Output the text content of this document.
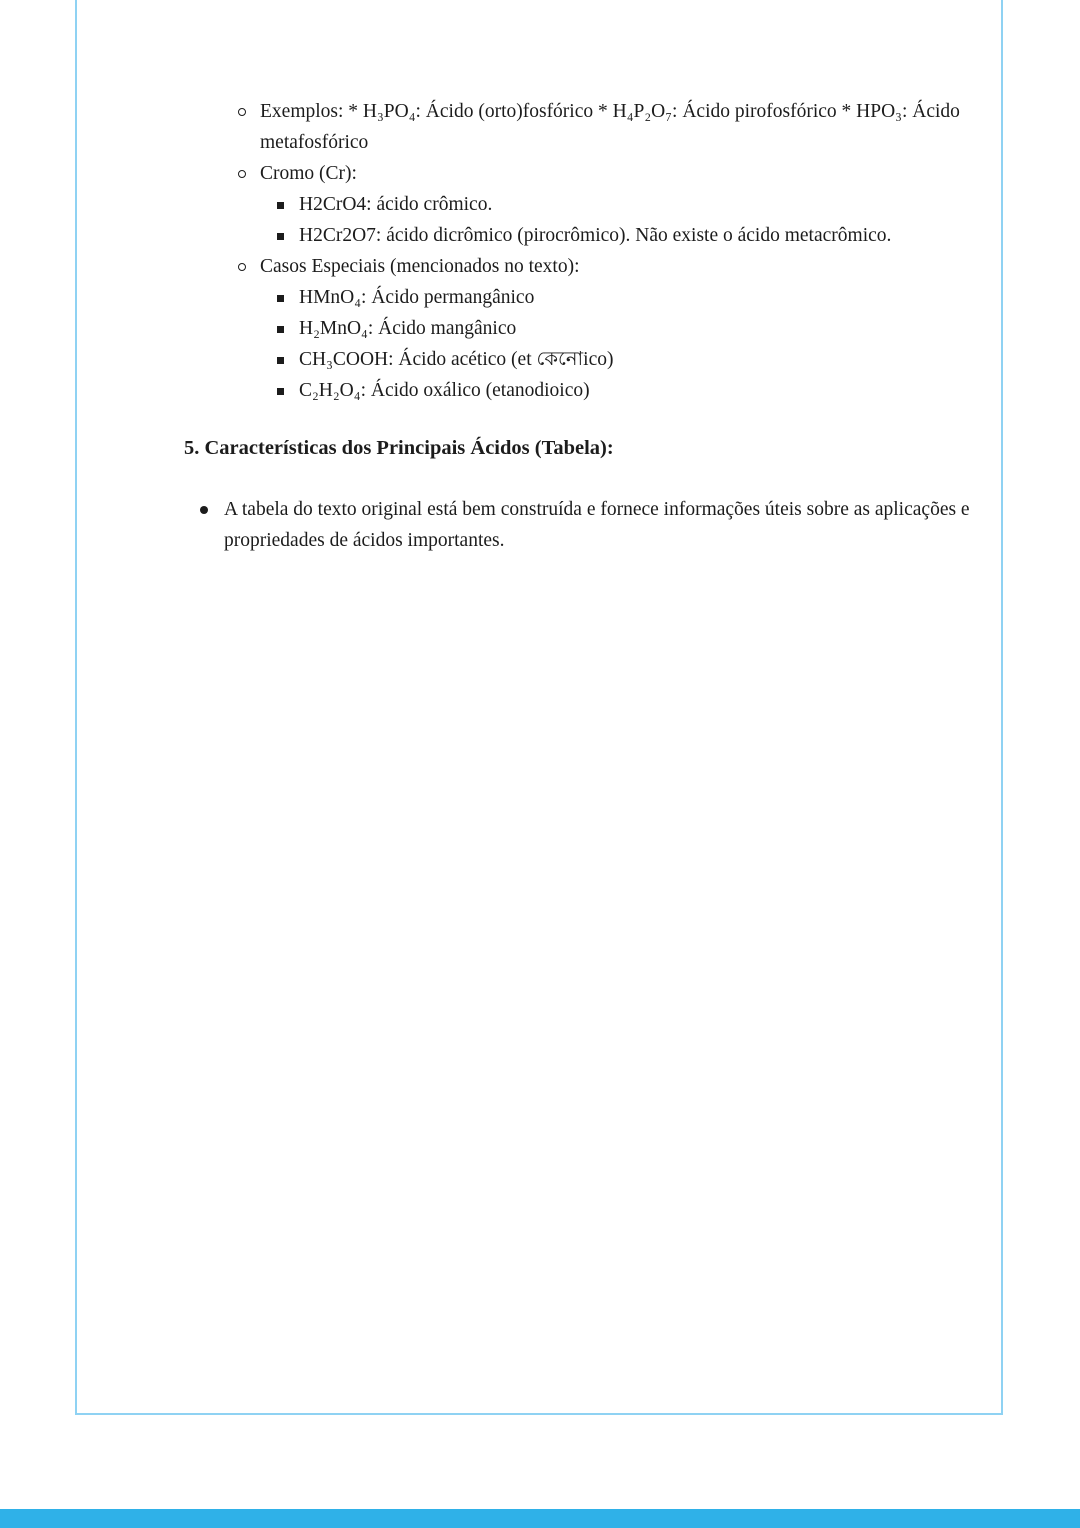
Exemplos: * H₃PO₄: Ácido (orto)fosfórico * H₄P₂O₇: Ácido pirofosfórico * HPO₃: Ácido metafosfórico
Cromo (Cr):
H2CrO4: ácido crômico.
H2Cr2O7: ácido dicrômico (pirocrômico). Não existe o ácido metacrômico.
Casos Especiais (mencionados no texto):
HMnO₄: Ácido permangânico
H₂MnO₄: Ácido mangânico
CH₃COOH: Ácido acético (et কেনোico)
C₂H₂O₄: Ácido oxálico (etanodioico)
5. Características dos Principais Ácidos (Tabela):
A tabela do texto original está bem construída e fornece informações úteis sobre as aplicações e propriedades de ácidos importantes.
